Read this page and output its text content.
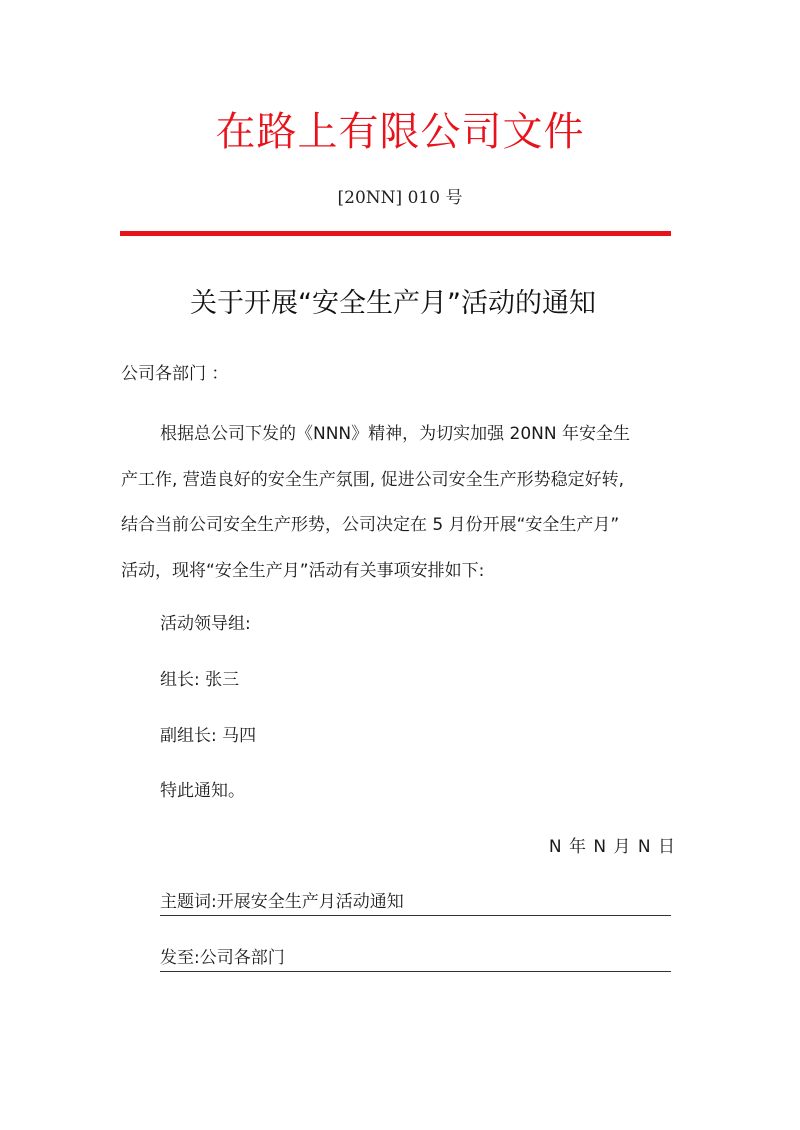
在路上有限公司文件
[20NN] 010 号
关于开展“安全生产月”活动的通知
公司各部门 ：
根据总公司下发的《NNN》精神，为切实加强 20NN 年安全生
产工作, 营造良好的安全生产氛围, 促进公司安全生产形势稳定好转,
结合当前公司安全生产形势，公司决定在 5 月份开展“安全生产月”
活动，现将“安全生产月”活动有关事项安排如下:
活动领导组:
组长: 张三
副组长: 马四
特此通知。
N 年 N 月 N 日
主题词:开展安全生产月活动通知
发至:公司各部门
